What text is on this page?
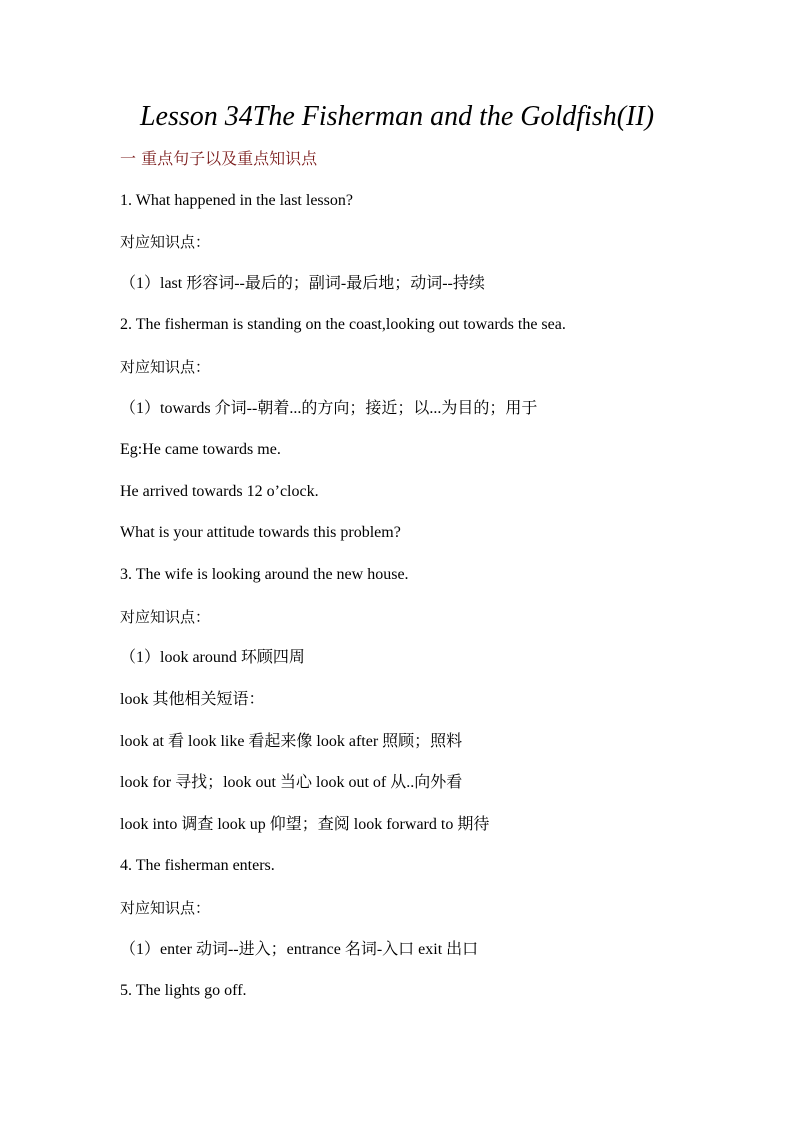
Lesson 34The Fisherman and the Goldfish(II)
一 重点句子以及重点知识点
1. What happened in the last lesson?
对应知识点：
（1）last 形容词--最后的；副词-最后地；动词--持续
2. The fisherman is standing on the coast,looking out towards the sea.
对应知识点：
（1）towards 介词--朝着...的方向；接近；以...为目的；用于
Eg:He came towards me.
He arrived towards 12 o’clock.
What is your attitude towards this problem?
3. The wife is looking around the new house.
对应知识点：
（1）look around 环顾四周
look 其他相关短语：
look at 看 look like 看起来像 look after 照顾；照料
look for 寻找；look out 当心 look out of 从..向外看
look into 调查 look up 仰望；查阅 look forward to 期待
4. The fisherman enters.
对应知识点：
（1）enter 动词--进入；entrance 名词-入口 exit 出口
5. The lights go off.
